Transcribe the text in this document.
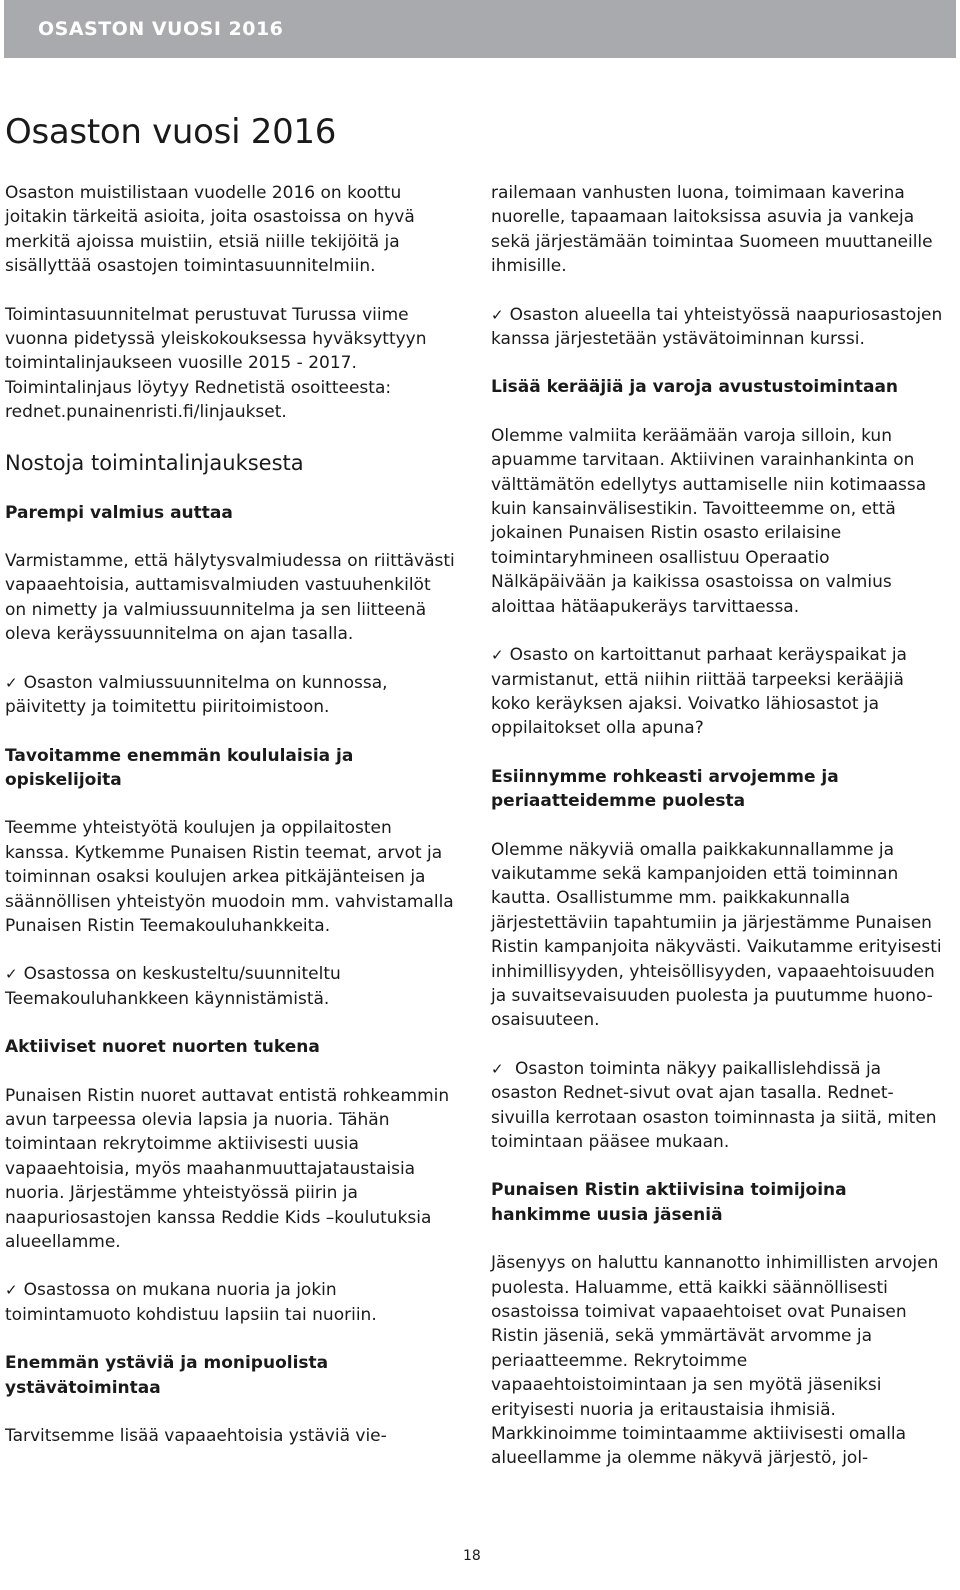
OSASTON VUOSI 2016
Osaston vuosi 2016

Osaston muistilistaan vuodelle 2016 on koottu joitakin tärkeitä asioita, joita osastoissa on hyvä merkitä ajoissa muistiin, etsiä niille tekijöitä ja sisällyttää osastojen toimintasuunnitelmiin.

Toimintasuunnitelmat perustuvat Turussa viime vuonna pidetyssä yleiskokouksessa hyväksyttyyn toimintalinjaukseen vuosille 2015 - 2017. Toimintalinjaus löytyy Rednetistä osoitteesta: rednet.punainenristi.fi/linjaukset.

Nostoja toimintalinjauksesta
Parempi valmius auttaa

Varmistamme, että hälytysvalmiudessa on riittävästi vapaaehtoisia, auttamisvalmiuden vastuuhenkilöt on nimetty ja valmiussuunnitelma ja sen liitteenä oleva keräyssuunnitelma on ajan tasalla.

✓ Osaston valmiussuunnitelma on kunnossa, päivitetty ja toimitettu piiritoimistoon.

Tavoitamme enemmän koululaisia ja opiskelijoita

Teemme yhteistyötä koulujen ja oppilaitosten kanssa. Kytkemme Punaisen Ristin teemat, arvot ja toiminnan osaksi koulujen arkea pitkäjänteisen ja säännöllisen yhteistyön muodoin mm. vahvistamalla Punaisen Ristin Teemakouluhankkeita.

✓ Osastossa on keskusteltu/suunniteltu Teemakouluhankkeen käynnistämistä.

Aktiiviset nuoret nuorten tukena

Punaisen Ristin nuoret auttavat entistä rohkeammin avun tarpeessa olevia lapsia ja nuoria. Tähän toimintaan rekrytoimme aktiivisesti uusia vapaaehtoisia, myös maahanmuuttajataustaisia nuoria. Järjestämme yhteistyössä piirin ja naapuriosastojen kanssa Reddie Kids –koulutuksia alueellamme.

✓ Osastossa on mukana nuoria ja jokin toimintamuoto kohdistuu lapsiin tai nuoriin.

Enemmän ystäviä ja monipuolista ystävätoimintaa

Tarvitsemme lisää vapaaehtoisia ystäviä vie-

railemaan vanhusten luona, toimimaan kaverina nuorelle, tapaamaan laitoksissa asuvia ja vankeja sekä järjestämään toimintaa Suomeen muuttaneille ihmisille.

✓ Osaston alueella tai yhteistyössä naapuriosastojen kanssa järjestetään ystävätoiminnan kurssi.

Lisää kerääjiä ja varoja avustustoimintaan

Olemme valmiita keräämään varoja silloin, kun apuamme tarvitaan. Aktiivinen varainhankinta on välttämätön edellytys auttamiselle niin kotimaassa kuin kansainvälisestikin. Tavoitteemme on, että jokainen Punaisen Ristin osasto erilaisine toimintaryhmineen osallistuu Operaatio Nälkäpäivään ja kaikissa osastoissa on valmius aloittaa hätäapukeräys tarvittaessa.

✓ Osasto on kartoittanut parhaat keräyspaikat ja varmistanut, että niihin riittää tarpeeksi kerääjiä koko keräyksen ajaksi. Voivatko lähiosastot ja oppilaitokset olla apuna?

Esiinnymme rohkeasti arvojemme ja periaatteidemme puolesta

Olemme näkyviä omalla paikkakunnallamme ja vaikutamme sekä kampanjoiden että toiminnan kautta. Osallistumme mm. paikkakunnalla järjestettäviin tapahtumiin ja järjestämme Punaisen Ristin kampanjoita näkyvästi. Vaikutamme erityisesti inhimillisyyden, yhteisöllisyyden, vapaaehtoisuuden ja suvaitsevaisuuden puolesta ja puutumme huono-osaisuuteen.

✓ Osaston toiminta näkyy paikallislehdissä ja osaston Rednet-sivut ovat ajan tasalla. Rednet-sivuilla kerrotaan osaston toiminnasta ja siitä, miten toimintaan pääsee mukaan.

Punaisen Ristin aktiivisina toimijoina hankimme uusia jäseniä

Jäsenyys on haluttu kannanotto inhimillisten arvojen puolesta. Haluamme, että kaikki säännöllisesti osastoissa toimivat vapaaehtoiset ovat Punaisen Ristin jäseniä, sekä ymmärtävät arvomme ja periaatteemme. Rekrytoimme vapaaehtoistoimintaan ja sen myötä jäseniksi erityisesti nuoria ja eritaustaisia ihmisiä. Markkinoimme toimintaamme aktiivisesti omalla alueellamme ja olemme näkyvä järjestö, jol-

18
